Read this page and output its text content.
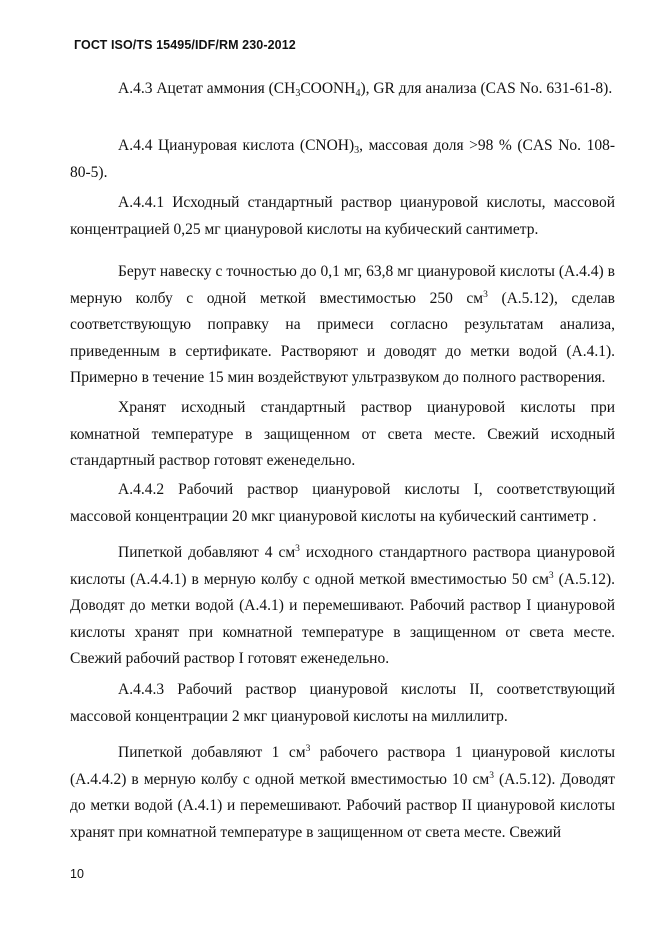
ГОСТ ISO/TS 15495/IDF/RM 230-2012

А.4.3 Ацетат аммония $(CH_3COONH_4)$, GR для анализа (CAS No. 631-61-8).

А.4.4 Циануровая кислота $(CNOH)_3$, массовая доля >98 % (CAS No. 108-80-5).

А.4.4.1 Исходный стандартный раствор циануровой кислоты, массовой концентрацией 0,25 мг циануровой кислоты на кубический сантиметр.

Берут навеску с точностью до 0,1 мг, 63,8 мг циануровой кислоты (А.4.4) в мерную колбу с одной меткой вместимостью 250 $см^3$ (А.5.12), сделав соответствующую поправку на примеси согласно результатам анализа, приведенным в сертификате. Растворяют и доводят до метки водой (А.4.1). Примерно в течение 15 мин воздействуют ультразвуком до полного растворения.

Хранят исходный стандартный раствор циануровой кислоты при комнатной температуре в защищенном от света месте. Свежий исходный стандартный раствор готовят еженедельно.

А.4.4.2 Рабочий раствор циануровой кислоты I, соответствующий массовой концентрации 20 мкг циануровой кислоты на кубический сантиметр .

Пипеткой добавляют 4 $см^3$ исходного стандартного раствора циануровой кислоты (А.4.4.1) в мерную колбу с одной меткой вместимостью 50 $см^3$ (А.5.12). Доводят до метки водой (А.4.1) и перемешивают. Рабочий раствор I циануровой кислоты хранят при комнатной температуре в защищенном от света месте. Свежий рабочий раствор I готовят еженедельно.

А.4.4.3 Рабочий раствор циануровой кислоты II, соответствующий массовой концентрации 2 мкг циануровой кислоты на миллилитр.

Пипеткой добавляют 1 $см^3$ рабочего раствора 1 циануровой кислоты (А.4.4.2) в мерную колбу с одной меткой вместимостью 10 $см^3$ (А.5.12). Доводят до метки водой (А.4.1) и перемешивают. Рабочий раствор II циануровой кислоты хранят при комнатной температуре в защищенном от света месте. Свежий

10
